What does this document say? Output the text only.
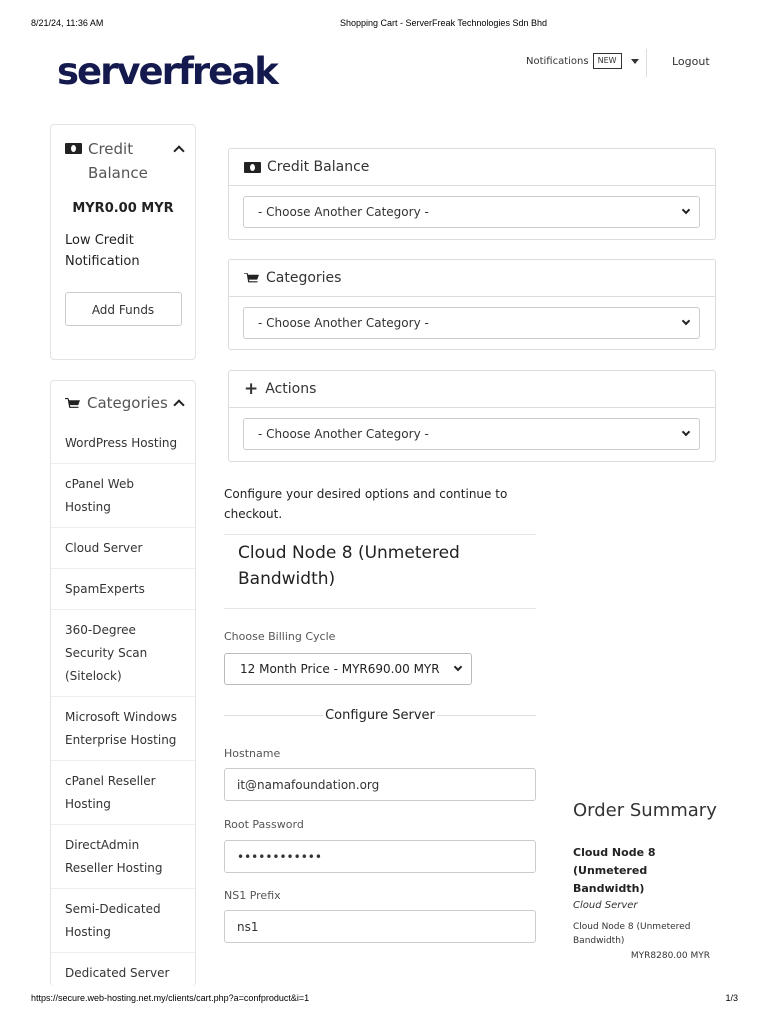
8/21/24, 11:36 AM	Shopping Cart - ServerFreak Technologies Sdn Bhd
serverfreak	Notifications	NEW	Logout
Credit Balance
MYR0.00 MYR
Low Credit Notification
Add Funds
Categories
WordPress Hosting
cPanel Web Hosting
Cloud Server
SpamExperts
360-Degree Security Scan (Sitelock)
Microsoft Windows Enterprise Hosting
cPanel Reseller Hosting
DirectAdmin Reseller Hosting
Semi-Dedicated Hosting
Dedicated Server
Credit Balance
- Choose Another Category -
Categories
- Choose Another Category -
+ Actions
- Choose Another Category -
Configure your desired options and continue to checkout.
Cloud Node 8 (Unmetered Bandwidth)
Choose Billing Cycle
12 Month Price - MYR690.00 MYR
Configure Server
Hostname
it@namafoundation.org
Root Password
••••••••••••
NS1 Prefix
ns1
Order Summary
Cloud Node 8 (Unmetered Bandwidth)
Cloud Server
Cloud Node 8 (Unmetered Bandwidth)
MYR8280.00 MYR
https://secure.web-hosting.net.my/clients/cart.php?a=confproduct&i=1	1/3
